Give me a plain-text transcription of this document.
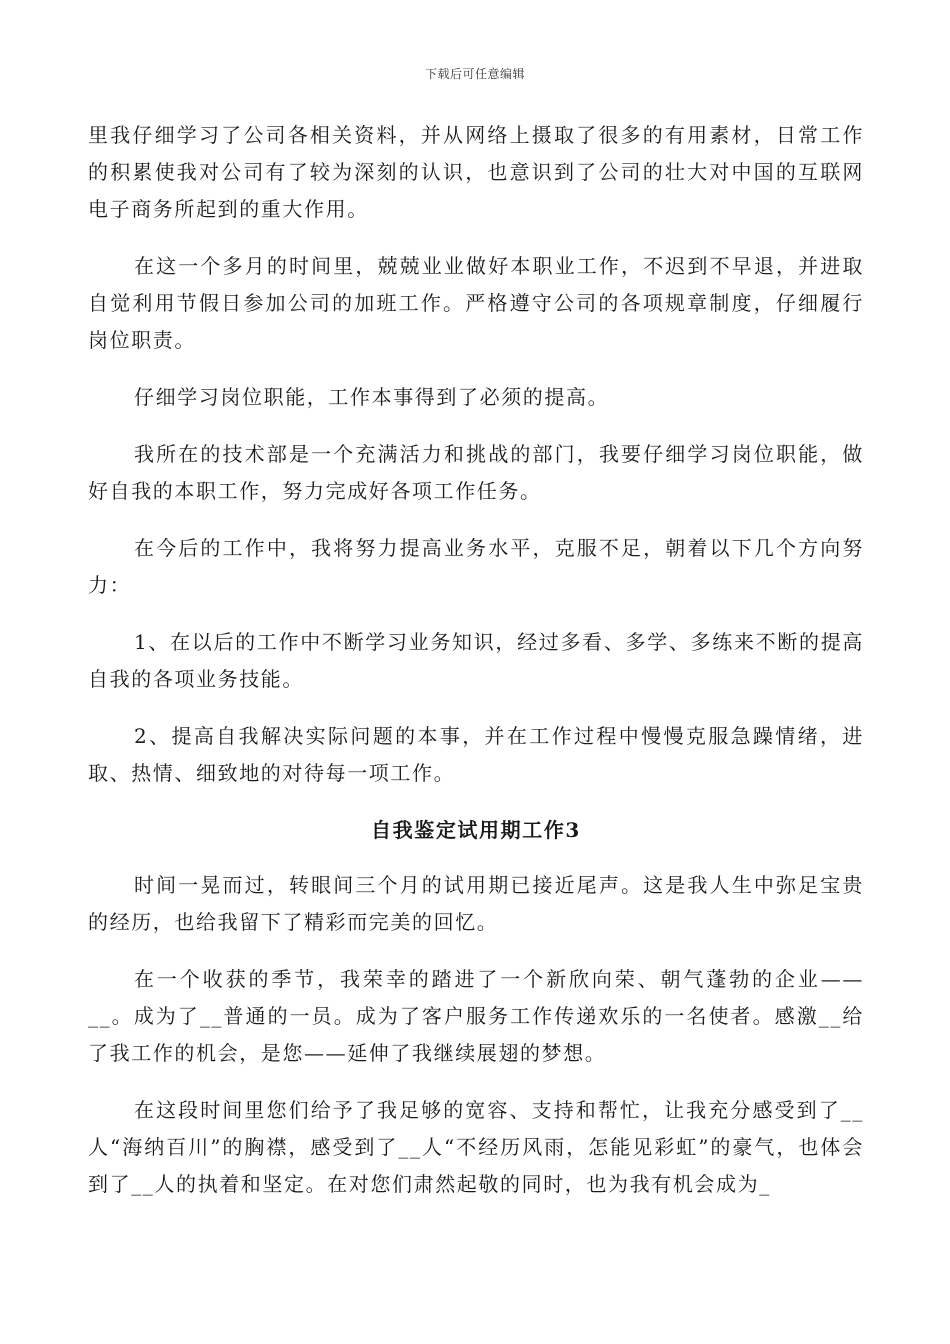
下载后可任意编辑

里我仔细学习了公司各相关资料，并从网络上摄取了很多的有用素材，日常工作的积累使我对公司有了较为深刻的认识，也意识到了公司的壮大对中国的互联网电子商务所起到的重大作用。

在这一个多月的时间里，兢兢业业做好本职业工作，不迟到不早退，并进取自觉利用节假日参加公司的加班工作。严格遵守公司的各项规章制度，仔细履行岗位职责。

仔细学习岗位职能，工作本事得到了必须的提高。

我所在的技术部是一个充满活力和挑战的部门，我要仔细学习岗位职能，做好自我的本职工作，努力完成好各项工作任务。

在今后的工作中，我将努力提高业务水平，克服不足，朝着以下几个方向努力：

1、在以后的工作中不断学习业务知识，经过多看、多学、多练来不断的提高自我的各项业务技能。

2、提高自我解决实际问题的本事，并在工作过程中慢慢克服急躁情绪，进取、热情、细致地的对待每一项工作。

自我鉴定试用期工作3

时间一晃而过，转眼间三个月的试用期已接近尾声。这是我人生中弥足宝贵的经历，也给我留下了精彩而完美的回忆。

在一个收获的季节，我荣幸的踏进了一个新欣向荣、朝气蓬勃的企业——__。成为了__普通的一员。成为了客户服务工作传递欢乐的一名使者。感激__给了我工作的机会，是您——延伸了我继续展翅的梦想。

在这段时间里您们给予了我足够的宽容、支持和帮忙，让我充分感受到了__人“海纳百川”的胸襟，感受到了__人“不经历风雨，怎能见彩虹”的豪气，也体会到了__人的执着和坚定。在对您们肃然起敬的同时，也为我有机会成为_
